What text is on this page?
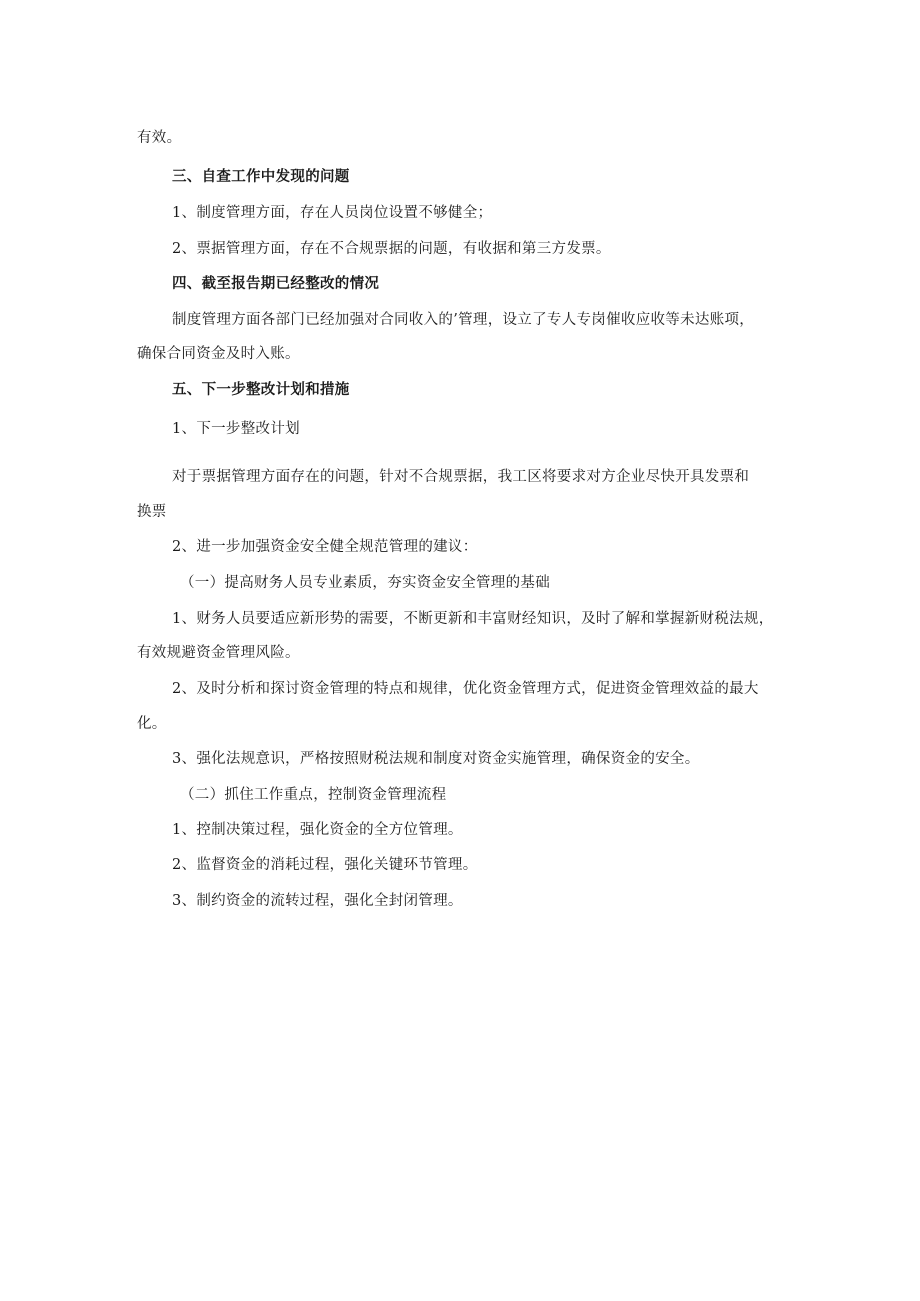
有效。
三、自查工作中发现的问题
1、制度管理方面，存在人员岗位设置不够健全；
2、票据管理方面，存在不合规票据的问题，有收据和第三方发票。
四、截至报告期已经整改的情况
制度管理方面各部门已经加强对合同收入的’管理，设立了专人专岗催收应收等未达账项，
确保合同资金及时入账。
五、下一步整改计划和措施
1、下一步整改计划
对于票据管理方面存在的问题，针对不合规票据，我工区将要求对方企业尽快开具发票和
换票
2、进一步加强资金安全健全规范管理的建议：
（一）提高财务人员专业素质，夯实资金安全管理的基础
1、财务人员要适应新形势的需要，不断更新和丰富财经知识，及时了解和掌握新财税法规，
有效规避资金管理风险。
2、及时分析和探讨资金管理的特点和规律，优化资金管理方式，促进资金管理效益的最大
化。
3、强化法规意识，严格按照财税法规和制度对资金实施管理，确保资金的安全。
（二）抓住工作重点，控制资金管理流程
1、控制决策过程，强化资金的全方位管理。
2、监督资金的消耗过程，强化关键环节管理。
3、制约资金的流转过程，强化全封闭管理。
